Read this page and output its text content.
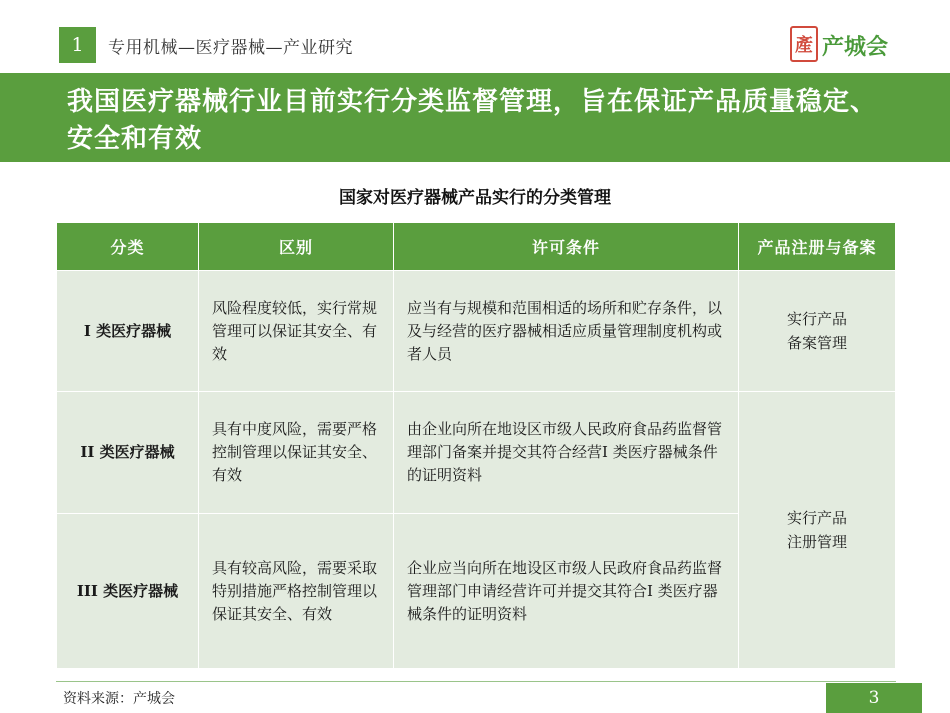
1	专用机械—医疗器械—产业研究	產 产城会
我国医疗器械行业目前实行分类监督管理，旨在保证产品质量稳定、安全和有效
国家对医疗器械产品实行的分类管理
分类	区别	许可条件	产品注册与备案
I 类医疗器械	风险程度较低，实行常规管理可以保证其安全、有效	应当有与规模和范围相适的场所和贮存条件，以及与经营的医疗器械相适应质量管理制度机构或者人员	实行产品
备案管理

II 类医疗器械	具有中度风险，需要严格控制管理以保证其安全、有效	由企业向所在地设区市级人民政府食品药监督管理部门备案并提交其符合经营I 类医疗器械条件的证明资料	实行产品
注册管理

III 类医疗器械	具有较高风险，需要采取特别措施严格控制管理以保证其安全、有效	企业应当向所在地设区市级人民政府食品药监督管理部门申请经营许可并提交其符合I 类医疗器械条件的证明资料	
资料来源：产城会	3
